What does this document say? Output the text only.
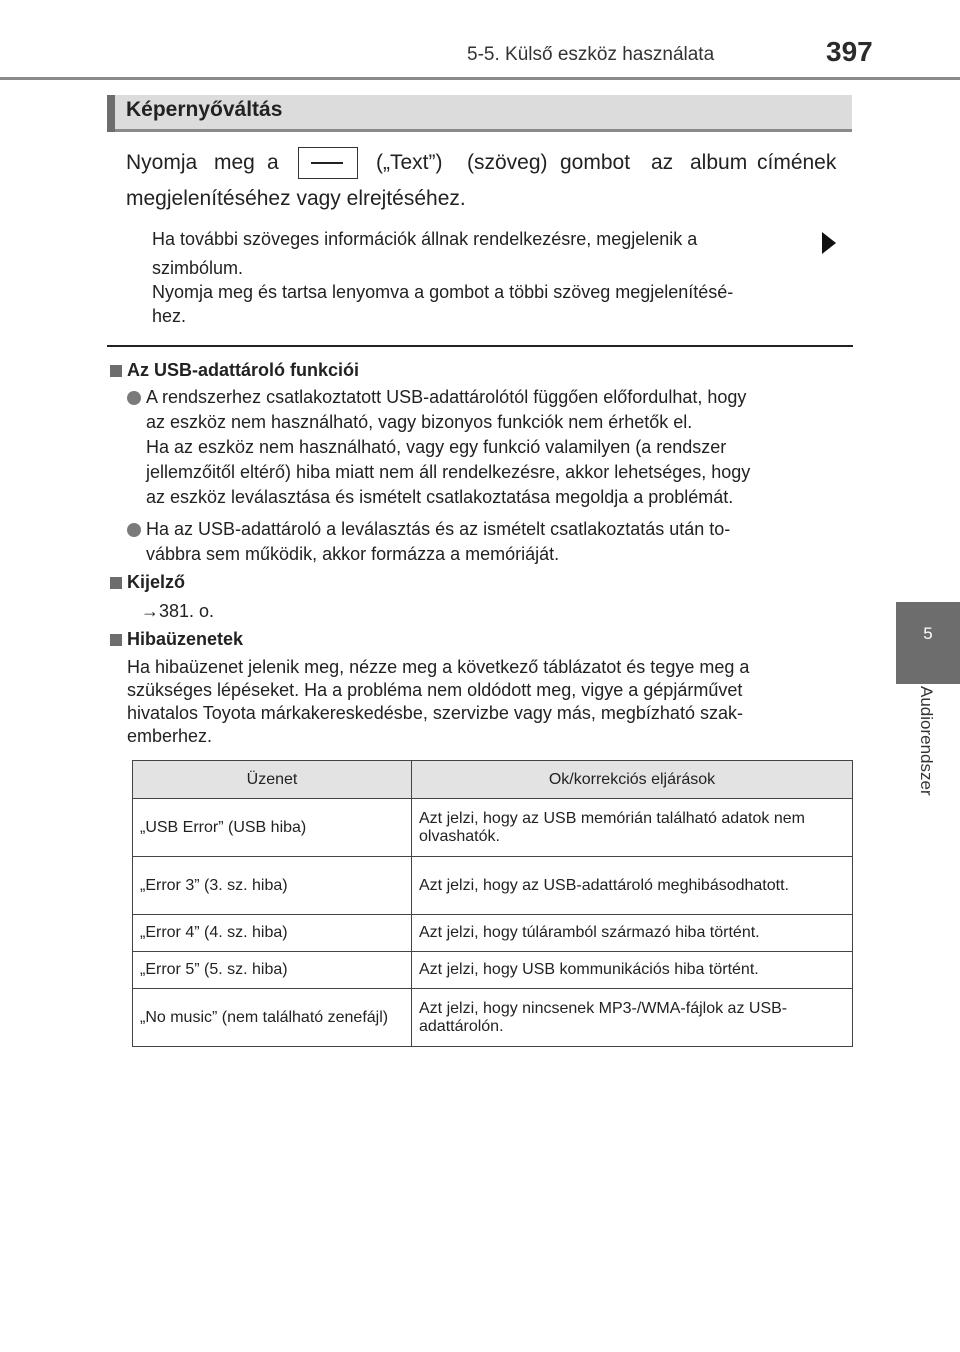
5-5. Külső eszköz használata	397
5
Audiorendszer
Képernyőváltás
Nyomja meg a	(„Text”) (szöveg) gombot az album címének
megjelenítéséhez vagy elrejtéséhez.
Ha további szöveges információk állnak rendelkezésre, megjelenik a
szimbólum.
Nyomja meg és tartsa lenyomva a gombot a többi szöveg megjelenítésé-
hez.
Az USB-adattároló funkciói
A rendszerhez csatlakoztatott USB-adattárolótól függően előfordulhat, hogy
az eszköz nem használható, vagy bizonyos funkciók nem érhetők el.
Ha az eszköz nem használható, vagy egy funkció valamilyen (a rendszer
jellemzőitől eltérő) hiba miatt nem áll rendelkezésre, akkor lehetséges, hogy
az eszköz leválasztása és ismételt csatlakoztatása megoldja a problémát.
Ha az USB-adattároló a leválasztás és az ismételt csatlakoztatás után to-
vábbra sem működik, akkor formázza a memóriáját.
Kijelző
→381. o.
Hibaüzenetek
Ha hibaüzenet jelenik meg, nézze meg a következő táblázatot és tegye meg a
szükséges lépéseket. Ha a probléma nem oldódott meg, vigye a gépjárművet
hivatalos Toyota márkakereskedésbe, szervizbe vagy más, megbízható szak-
emberhez.
Üzenet	Ok/korrekciós eljárások
„USB Error” (USB hiba)	Azt jelzi, hogy az USB memórián található adatok nem olvashatók.
„Error 3” (3. sz. hiba)	Azt jelzi, hogy az USB-adattároló meghibásodhatott.
„Error 4” (4. sz. hiba)	Azt jelzi, hogy túláramból származó hiba történt.
„Error 5” (5. sz. hiba)	Azt jelzi, hogy USB kommunikációs hiba történt.
„No music” (nem található zenefájl)	Azt jelzi, hogy nincsenek MP3-/WMA-fájlok az USB-adattárolón.
